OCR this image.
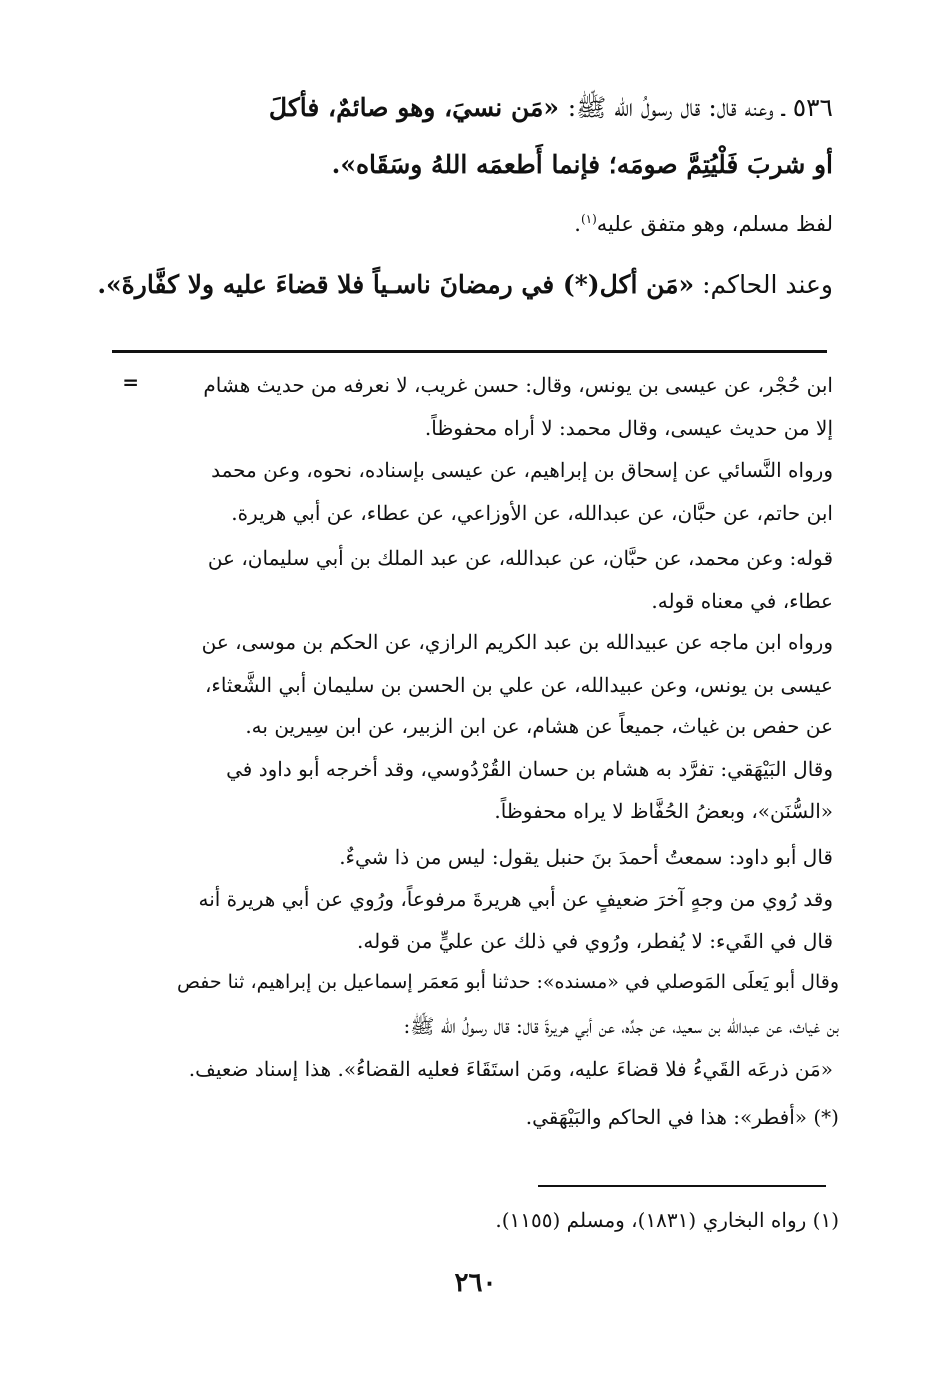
٥٣٦ ـ وعنه قال: قال رسولُ الله ﷺ: «مَن نسيَ، وهو صائمٌ، فأكلَ
أو شربَ فَلْيُتِمَّ صومَه؛ فإنما أَطعمَه اللهُ وسَقَاه».
لفظ مسلم، وهو متفق عليه$^{(١)}$.
وعند الحاكم: «مَن أكل(*) في رمضانَ ناسـياً فلا قضاءَ عليه ولا كفَّارةَ».
=	ابن حُجْر، عن عيسى بن يونس، وقال: حسن غريب، لا نعرفه من حديث هشام
إلا من حديث عيسى، وقال محمد: لا أراه محفوظاً.
ورواه النَّسائي عن إسحاق بن إبراهيم، عن عيسى بإسناده، نحوه، وعن محمد
ابن حاتم، عن حبَّان، عن عبدالله، عن الأوزاعي، عن عطاء، عن أبي هريرة.
قوله: وعن محمد، عن حبَّان، عن عبدالله، عن عبد الملك بن أبي سليمان، عن
عطاء، في معناه قوله.
ورواه ابن ماجه عن عبيدالله بن عبد الكريم الرازي، عن الحكم بن موسى، عن
عيسى بن يونس، وعن عبيدالله، عن علي بن الحسن بن سليمان أبي الشَّعثاء،
عن حفص بن غياث، جميعاً عن هشام، عن ابن الزبير، عن ابن سِيرين به.
وقال البَيْهَقي: تفرَّد به هشام بن حسان القُرْدُوسي، وقد أخرجه أبو داود في
«السُّنَن»، وبعضُ الحُفَّاظ لا يراه محفوظاً.
قال أبو داود: سمعتُ أحمدَ بنَ حنبل يقول: ليس من ذا شيءٌ.
وقد رُوي من وجهٍ آخرَ ضعيفٍ عن أبي هريرةَ مرفوعاً، ورُوي عن أبي هريرة أنه
قال في القَيء: لا يُفطر، ورُوي في ذلك عن عليٍّ من قوله.
وقال أبو يَعلَى المَوصلي في «مسنده»: حدثنا أبو مَعمَر إسماعيل بن إبراهيم، ثنا حفص
بن غياث، عن عبدالله بن سعيد، عن جدِّه، عن أبي هريرةَ قال: قال رسولُ الله ﷺ:
«مَن ذرعَه القَيءُ فلا قضاءَ عليه، ومَن استَقَاءَ فعليه القضاءُ». هذا إسناد ضعيف.
(*) «أفطر»: هذا في الحاكم والبَيْهَقي.
(١) رواه البخاري (١٨٣١)، ومسلم (١١٥٥).
٢٦٠
